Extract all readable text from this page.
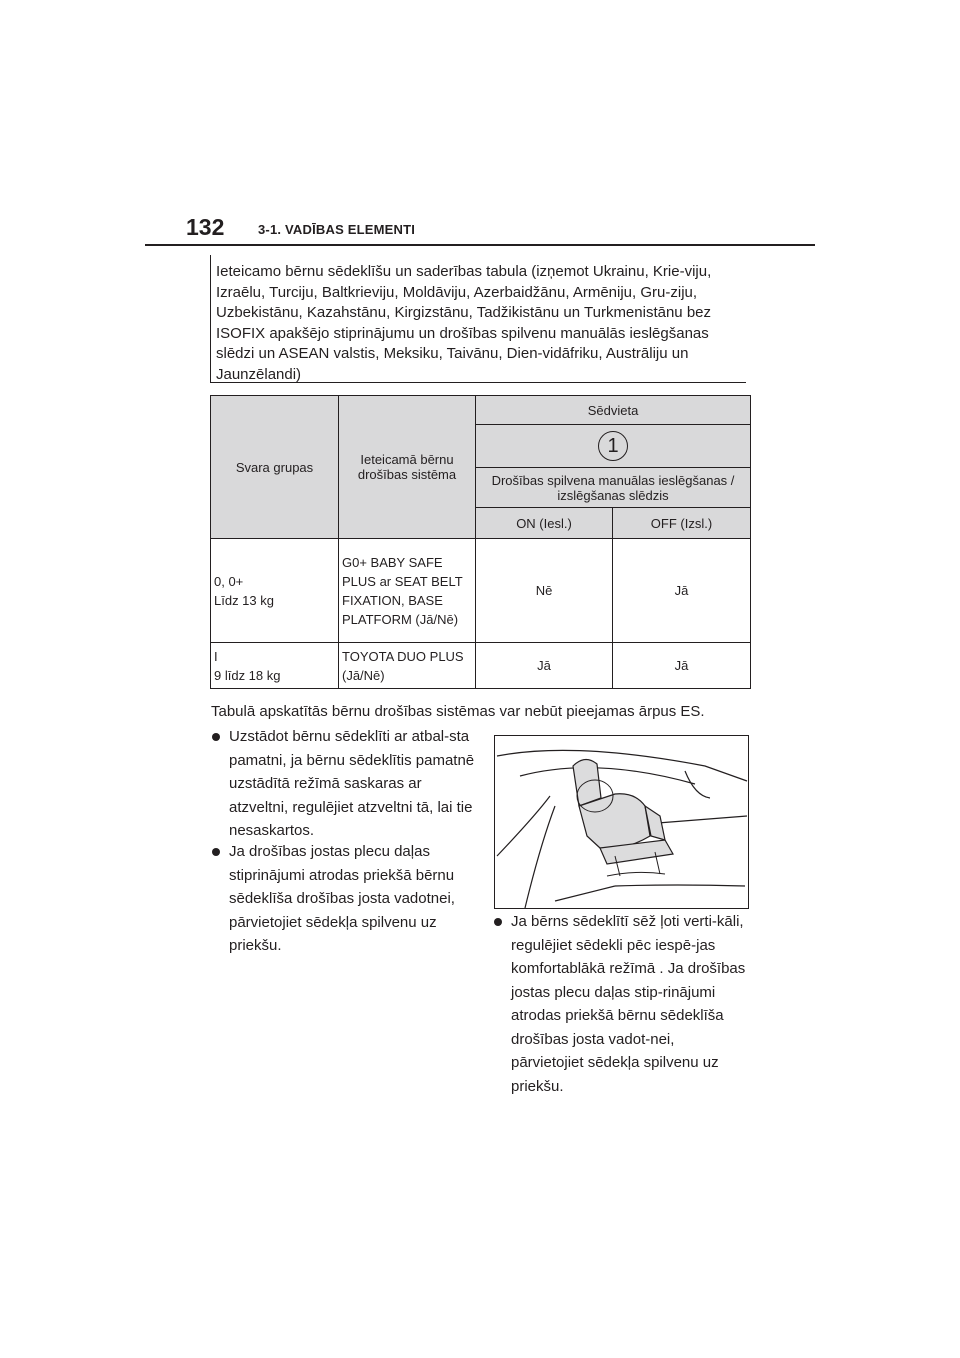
132	3-1. VADĪBAS ELEMENTI
Ieteicamo bērnu sēdeklīšu un saderības tabula (izņemot Ukrainu, Krie-viju, Izraēlu, Turciju, Baltkrieviju, Moldāviju, Azerbaidžānu, Armēniju, Gru-ziju, Uzbekistānu, Kazahstānu, Kirgizstānu, Tadžikistānu un Turkmenistānu bez ISOFIX apakšējo stiprinājumu un drošības spilvenu manuālās ieslēgšanas slēdzi un ASEAN valstis, Meksiku, Taivānu, Dien-vidāfriku, Austrāliju un Jaunzēlandi)
Svara grupas	Ieteicamā bērnu drošības sistēma	Sēdvieta	
		1	
		Drošības spilvena manuālas ieslēgšanas / izslēgšanas slēdzis	
		ON (Iesl.)	OFF (Izsl.)
0, 0+
Līdz 13 kg	G0+ BABY SAFE PLUS ar SEAT BELT FIXATION, BASE PLATFORM (Jā/Nē)	Nē	Jā
I
9 līdz 18 kg	TOYOTA DUO PLUS (Jā/Nē)	Jā	Jā
Tabulā apskatītās bērnu drošības sistēmas var nebūt pieejamas ārpus ES.
Uzstādot bērnu sēdeklīti ar atbal-sta pamatni, ja bērnu sēdeklītis pamatnē uzstādītā režīmā saskaras ar atzveltni, regulējiet atzveltni tā, lai tie nesaskartos.
Ja drošības jostas plecu daļas stiprinājumi atrodas priekšā bērnu sēdeklīša drošības josta vadotnei, pārvietojiet sēdekļa spilvenu uz priekšu.
Ja bērns sēdeklītī sēž ļoti verti-kāli, regulējiet sēdekli pēc iespē-jas komfortablākā režīmā . Ja drošības jostas plecu daļas stip-rinājumi atrodas priekšā bērnu sēdeklīša drošības josta vadot-nei, pārvietojiet sēdekļa spilvenu uz priekšu.
